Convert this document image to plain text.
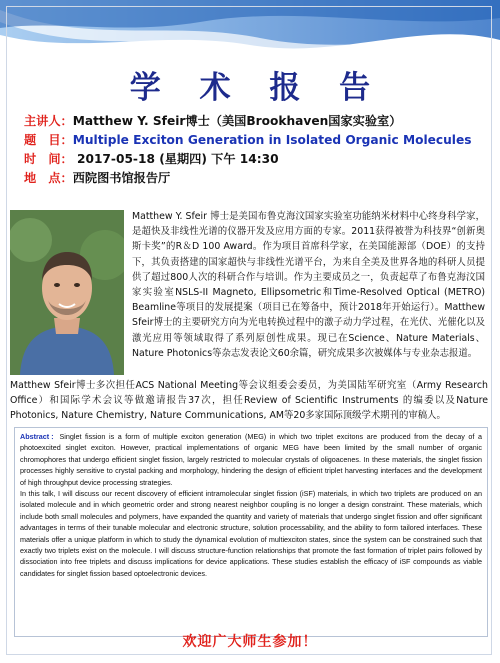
学 术 报 告
主讲人：Matthew Y. Sfeir博士（美国Brookhaven国家实验室）
题　目：Multiple Exciton Generation in Isolated Organic Molecules
时　间： 2017-05-18 (星期四) 下午 14:30
地　点：西院图书馆报告厅
Matthew Y. Sfeir 博士是美国布鲁克海汶国家实验室功能纳米材料中心终身科学家，是超快及非线性光谱的仪器开发及应用方面的专家。2011获得被誉为科技界“创新奥斯卡奖”的R＆D 100 Award。作为项目首席科学家，在美国能源部（DOE）的支持下，其负责搭建的国家超快与非线性光谱平台，为来自全美及世界各地的科研人员提供了超过800人次的科研合作与培训。作为主要成员之一，负责起草了布鲁克海汶国家实验室NSLS-II Magneto, Ellipsometric和Time-Resolved Optical (METRO) Beamline等项目的发展提案（项目已在筹备中，预计2018年开始运行）。Matthew Sfeir博士的主要研究方向为光电转换过程中的激子动力学过程，在光伏、光催化以及激光应用等领域取得了系列原创性成果。现已在Science、Nature Materials、Nature Photonics等杂志发表论文60余篇，研究成果多次被媒体与专业杂志报道。
Matthew Sfeir博士多次担任ACS National Meeting等会议组委会委员，为美国陆军研究室（Army Research Office）和国际学术会议等做邀请报告37次，担任Review of Scientific Instruments 的编委以及Nature Photonics, Nature Chemistry, Nature Communications, AM等20多家国际顶级学术期刊的审稿人。
Abstract：Singlet fission is a form of multiple exciton generation (MEG) in which two triplet excitons are produced from the decay of a photoexcited singlet exciton. However, practical implementations of organic MEG have been limited by the small number of organic chromophores that undergo efficient singlet fission, largely restricted to molecular crystals of oligoacenes. In these materials, the singlet fission processes highly sensitive to crystal packing and morphology, hindering the design of efficient triplet harvesting interfaces and the development of high throughput device processing strategies.
In this talk, I will discuss our recent discovery of efficient intramolecular singlet fission (iSF) materials, in which two triplets are produced on an isolated molecule and in which geometric order and strong nearest neighbor coupling is no longer a design constraint. These materials, which include both small molecules and polymers, have expanded the quantity and variety of materials that undergo singlet fission and offer significant advantages in terms of their tunable molecular and electronic structure, solution processability, and the ability to form tailored interfaces. These materials offer a unique platform in which to study the dynamical evolution of multiexciton states, since the system can be constrained such that exactly two triplets exist on the molecule. I will discuss structure-function relationships that promote the fast formation of triplet pairs followed by dissociation into free triplets and discuss implications for device applications. These studies establish the efficacy of iSF compounds as viable candidates for singlet fission based optoelectronic devices.
欢迎广大师生参加！
